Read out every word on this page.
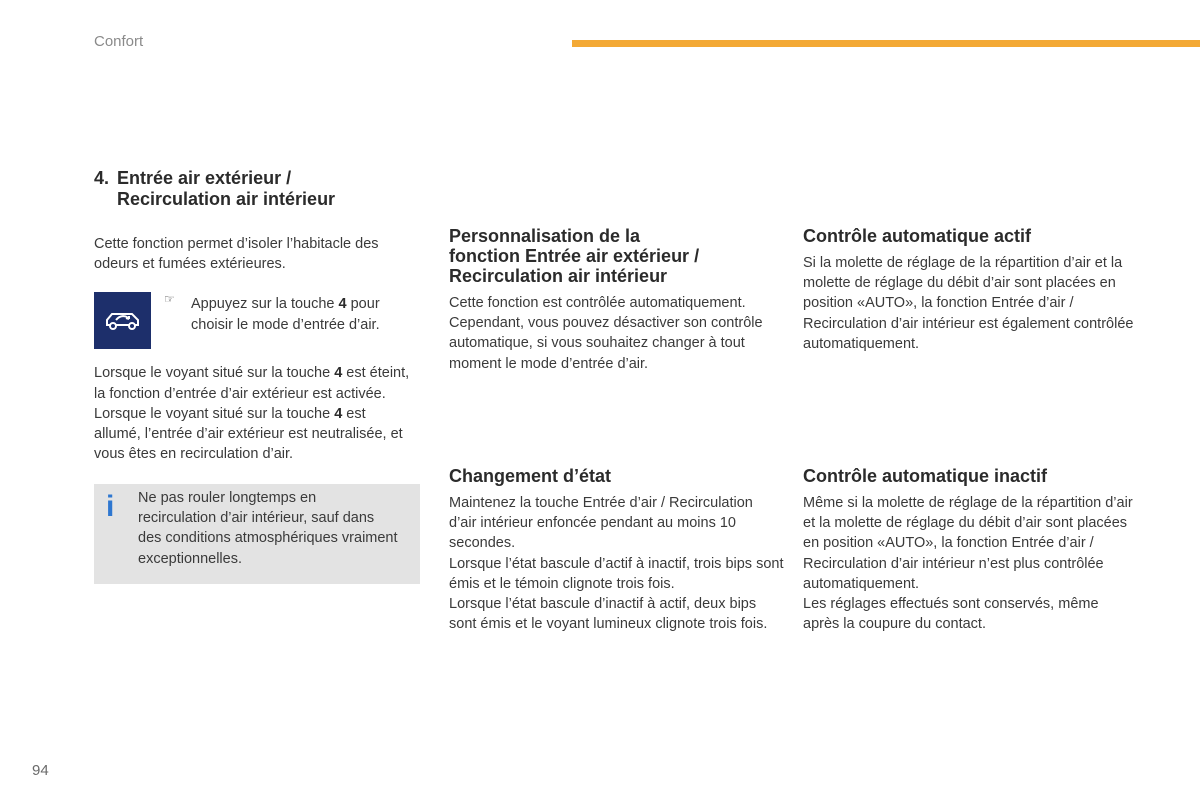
Confort
4. Entrée air extérieur /
Recirculation air intérieur

Cette fonction permet d’isoler l’habitacle des odeurs et fumées extérieures.

☞ Appuyez sur la touche 4 pour choisir le mode d’entrée d’air.

Lorsque le voyant situé sur la touche 4 est éteint, la fonction d’entrée d’air extérieur est activée.

Lorsque le voyant situé sur la touche 4 est allumé, l’entrée d’air extérieur est neutralisée, et vous êtes en recirculation d’air.

i Ne pas rouler longtemps en recirculation d’air intérieur, sauf dans des conditions atmosphériques vraiment exceptionnelles.

Personnalisation de la
fonction Entrée air extérieur /
Recirculation air intérieur

Cette fonction est contrôlée automatiquement. Cependant, vous pouvez désactiver son contrôle automatique, si vous souhaitez changer à tout moment le mode d’entrée d’air.

Changement d’état

Maintenez la touche Entrée d’air / Recirculation d’air intérieur enfoncée pendant au moins 10 secondes.

Lorsque l’état bascule d’actif à inactif, trois bips sont émis et le témoin clignote trois fois.

Lorsque l’état bascule d’inactif à actif, deux bips sont émis et le voyant lumineux clignote trois fois.

Contrôle automatique actif

Si la molette de réglage de la répartition d’air et la molette de réglage du débit d’air sont placées en position «AUTO», la fonction Entrée d’air / Recirculation d’air intérieur est également contrôlée automatiquement.

Contrôle automatique inactif

Même si la molette de réglage de la répartition d’air et la molette de réglage du débit d’air sont placées en position «AUTO», la fonction Entrée d’air / Recirculation d’air intérieur n’est plus contrôlée automatiquement.

Les réglages effectués sont conservés, même après la coupure du contact.

94
